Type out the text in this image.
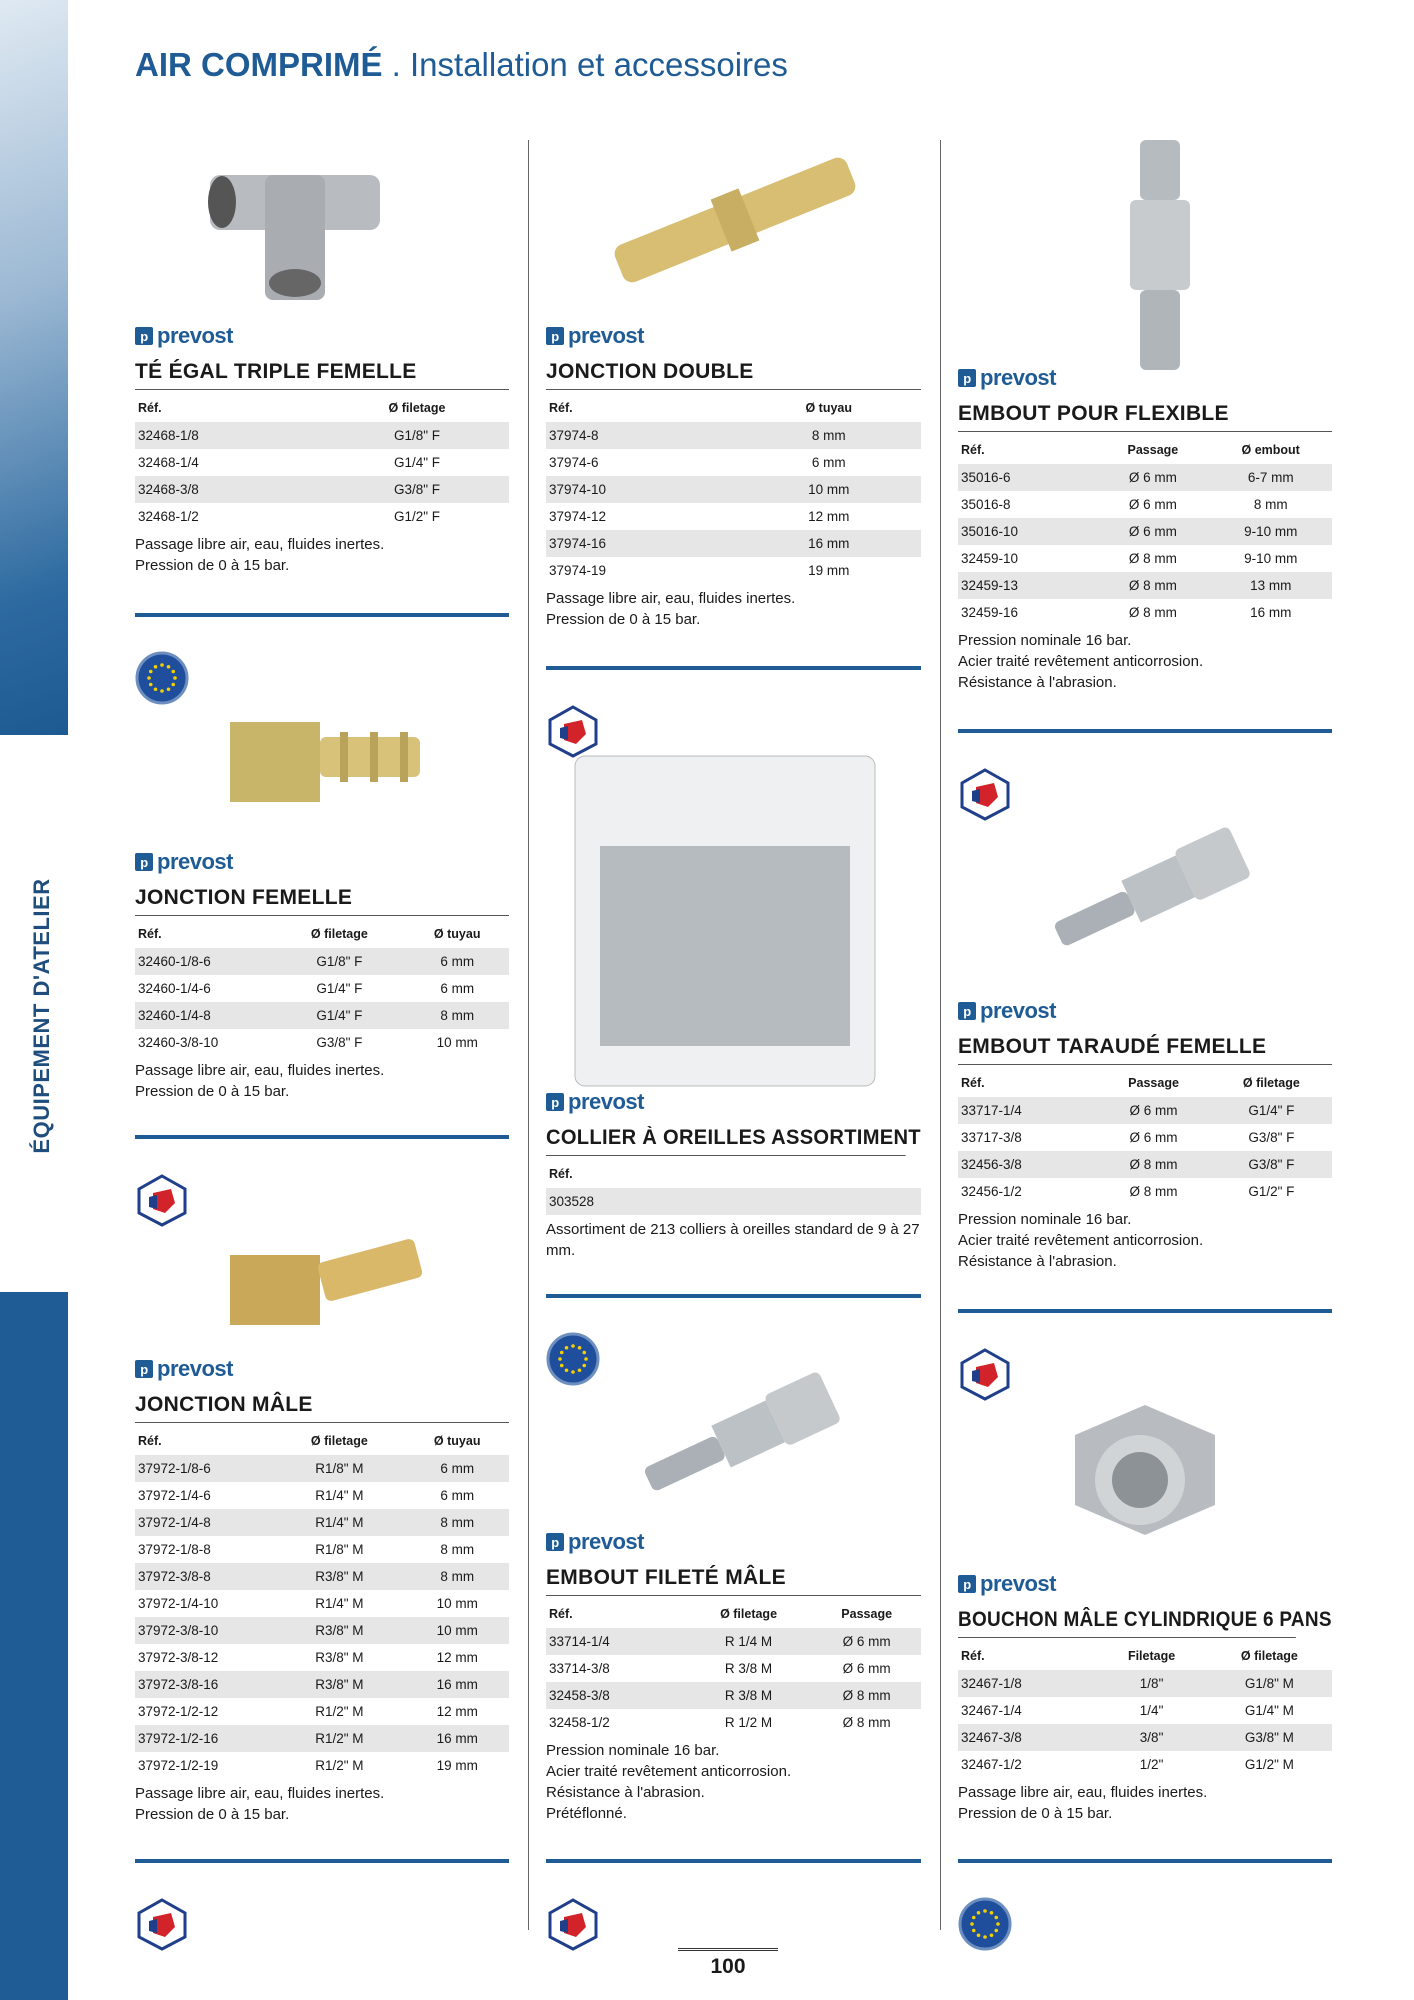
ÉQUIPEMENT D'ATELIER
AIR COMPRIMÉ . Installation et accessoires
p prevost
TÉ ÉGAL TRIPLE FEMELLE
Réf.	Ø filetage
32468-1/8	G1/8" F
32468-1/4	G1/4" F
32468-3/8	G3/8" F
32468-1/2	G1/2" F
Passage libre air, eau, fluides inertes.
Pression de 0 à 15 bar.
p prevost
JONCTION FEMELLE
Réf.	Ø filetage	Ø tuyau
32460-1/8-6	G1/8" F	6 mm
32460-1/4-6	G1/4" F	6 mm
32460-1/4-8	G1/4" F	8 mm
32460-3/8-10	G3/8" F	10 mm
Passage libre air, eau, fluides inertes.
Pression de 0 à 15 bar.
p prevost
JONCTION MÂLE
Réf.	Ø filetage	Ø tuyau
37972-1/8-6	R1/8" M	6 mm
37972-1/4-6	R1/4" M	6 mm
37972-1/4-8	R1/4" M	8 mm
37972-1/8-8	R1/8" M	8 mm
37972-3/8-8	R3/8" M	8 mm
37972-1/4-10	R1/4" M	10 mm
37972-3/8-10	R3/8" M	10 mm
37972-3/8-12	R3/8" M	12 mm
37972-3/8-16	R3/8" M	16 mm
37972-1/2-12	R1/2" M	12 mm
37972-1/2-16	R1/2" M	16 mm
37972-1/2-19	R1/2" M	19 mm
Passage libre air, eau, fluides inertes.
Pression de 0 à 15 bar.
p prevost
JONCTION DOUBLE
Réf.	Ø tuyau
37974-8	8 mm
37974-6	6 mm
37974-10	10 mm
37974-12	12 mm
37974-16	16 mm
37974-19	19 mm
Passage libre air, eau, fluides inertes.
Pression de 0 à 15 bar.
p prevost
COLLIER À OREILLES ASSORTIMENT
Réf.
303528
Assortiment de 213 colliers à oreilles standard de 9 à 27 mm.
p prevost
EMBOUT FILETÉ MÂLE
Réf.	Ø filetage	Passage
33714-1/4	R 1/4 M	Ø 6 mm
33714-3/8	R 3/8 M	Ø 6 mm
32458-3/8	R 3/8 M	Ø 8 mm
32458-1/2	R 1/2 M	Ø 8 mm
Pression nominale 16 bar.
Acier traité revêtement anticorrosion.
Résistance à l'abrasion.
Prétéflonné.
p prevost
EMBOUT POUR FLEXIBLE
Réf.	Passage	Ø embout
35016-6	Ø 6 mm	6-7 mm
35016-8	Ø 6 mm	8 mm
35016-10	Ø 6 mm	9-10 mm
32459-10	Ø 8 mm	9-10 mm
32459-13	Ø 8 mm	13 mm
32459-16	Ø 8 mm	16 mm
Pression nominale 16 bar.
Acier traité revêtement anticorrosion.
Résistance à l'abrasion.
p prevost
EMBOUT TARAUDÉ FEMELLE
Réf.	Passage	Ø filetage
33717-1/4	Ø 6 mm	G1/4" F
33717-3/8	Ø 6 mm	G3/8" F
32456-3/8	Ø 8 mm	G3/8" F
32456-1/2	Ø 8 mm	G1/2" F
Pression nominale 16 bar.
Acier traité revêtement anticorrosion.
Résistance à l'abrasion.
p prevost
BOUCHON MÂLE CYLINDRIQUE 6 PANS
Réf.	Filetage	Ø filetage
32467-1/8	1/8"	G1/8" M
32467-1/4	1/4"	G1/4" M
32467-3/8	3/8"	G3/8" M
32467-1/2	1/2"	G1/2" M
Passage libre air, eau, fluides inertes.
Pression de 0 à 15 bar.
100
